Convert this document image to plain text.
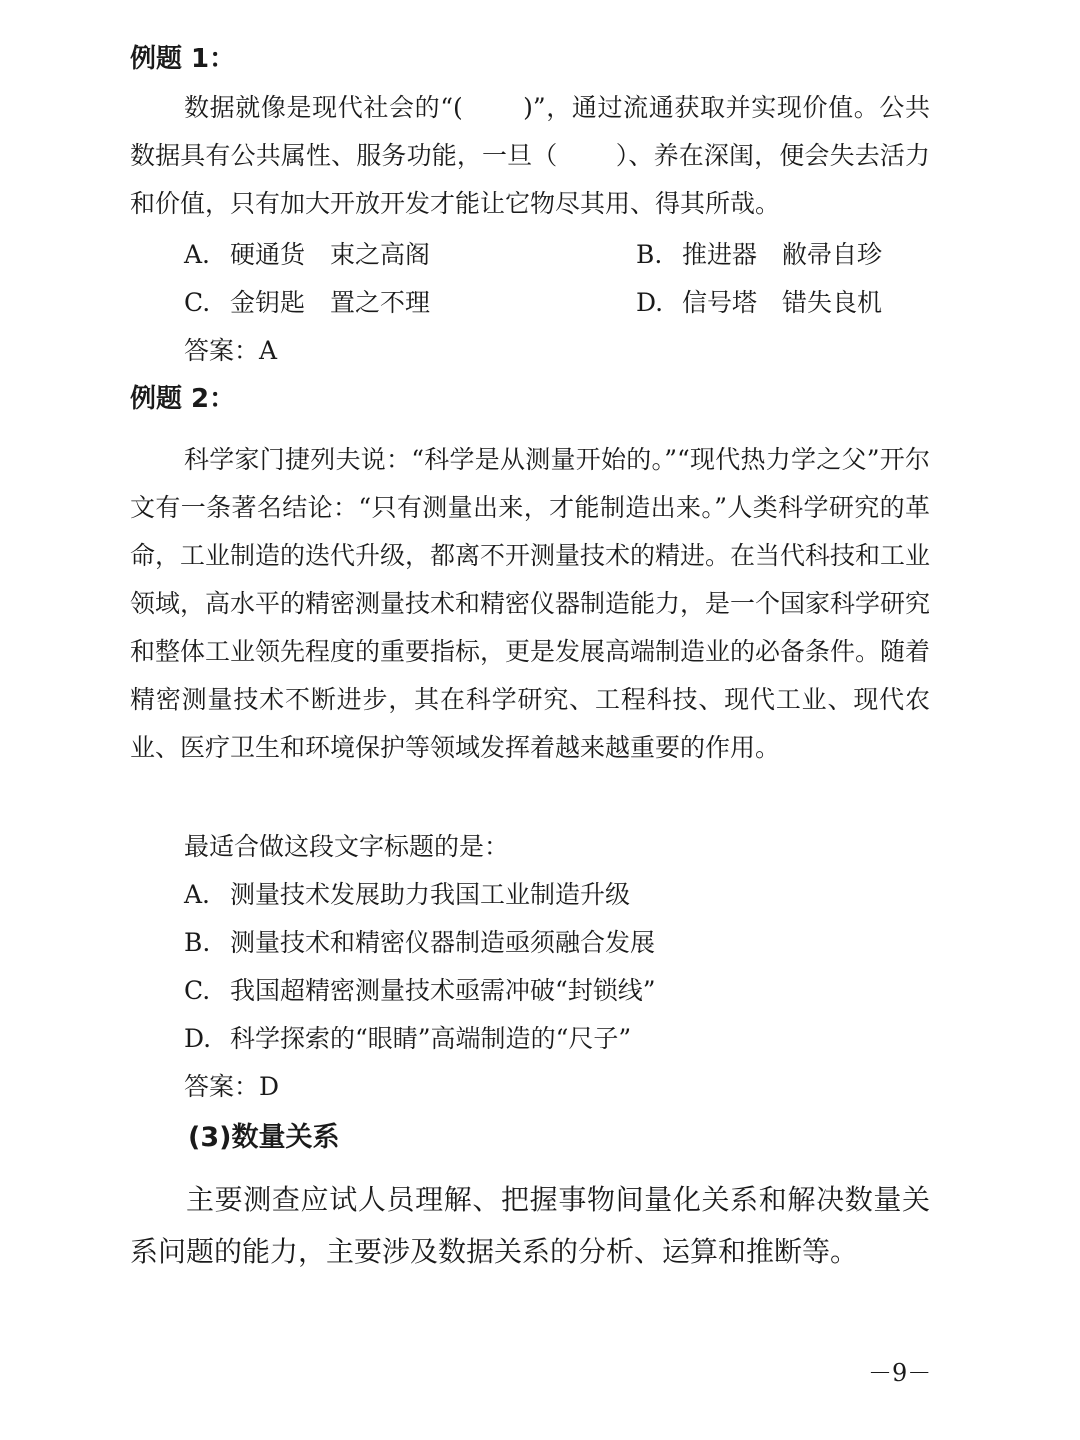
例题 1：

数据就像是现代社会的“(　　 )”，通过流通获取并实现价值。公共数据具有公共属性、服务功能，一旦（　　 ）、养在深闺，便会失去活力和价值，只有加大开放开发才能让它物尽其用、得其所哉。

A. 硬通货　束之高阁	B. 推进器　敝帚自珍
C. 金钥匙　置之不理	D. 信号塔　错失良机
答案：A
例题 2：

科学家门捷列夫说：“科学是从测量开始的。”“现代热力学之父”开尔文有一条著名结论：“只有测量出来，才能制造出来。”人类科学研究的革命，工业制造的迭代升级，都离不开测量技术的精进。在当代科技和工业领域，高水平的精密测量技术和精密仪器制造能力，是一个国家科学研究和整体工业领先程度的重要指标，更是发展高端制造业的必备条件。随着精密测量技术不断进步，其在科学研究、工程科技、现代工业、现代农业、医疗卫生和环境保护等领域发挥着越来越重要的作用。

最适合做这段文字标题的是：
A. 测量技术发展助力我国工业制造升级
B. 测量技术和精密仪器制造亟须融合发展
C. 我国超精密测量技术亟需冲破“封锁线”
D. 科学探索的“眼睛”高端制造的“尺子”
答案：D
(3)数量关系

主要测查应试人员理解、把握事物间量化关系和解决数量关系问题的能力，主要涉及数据关系的分析、运算和推断等。

－9－
